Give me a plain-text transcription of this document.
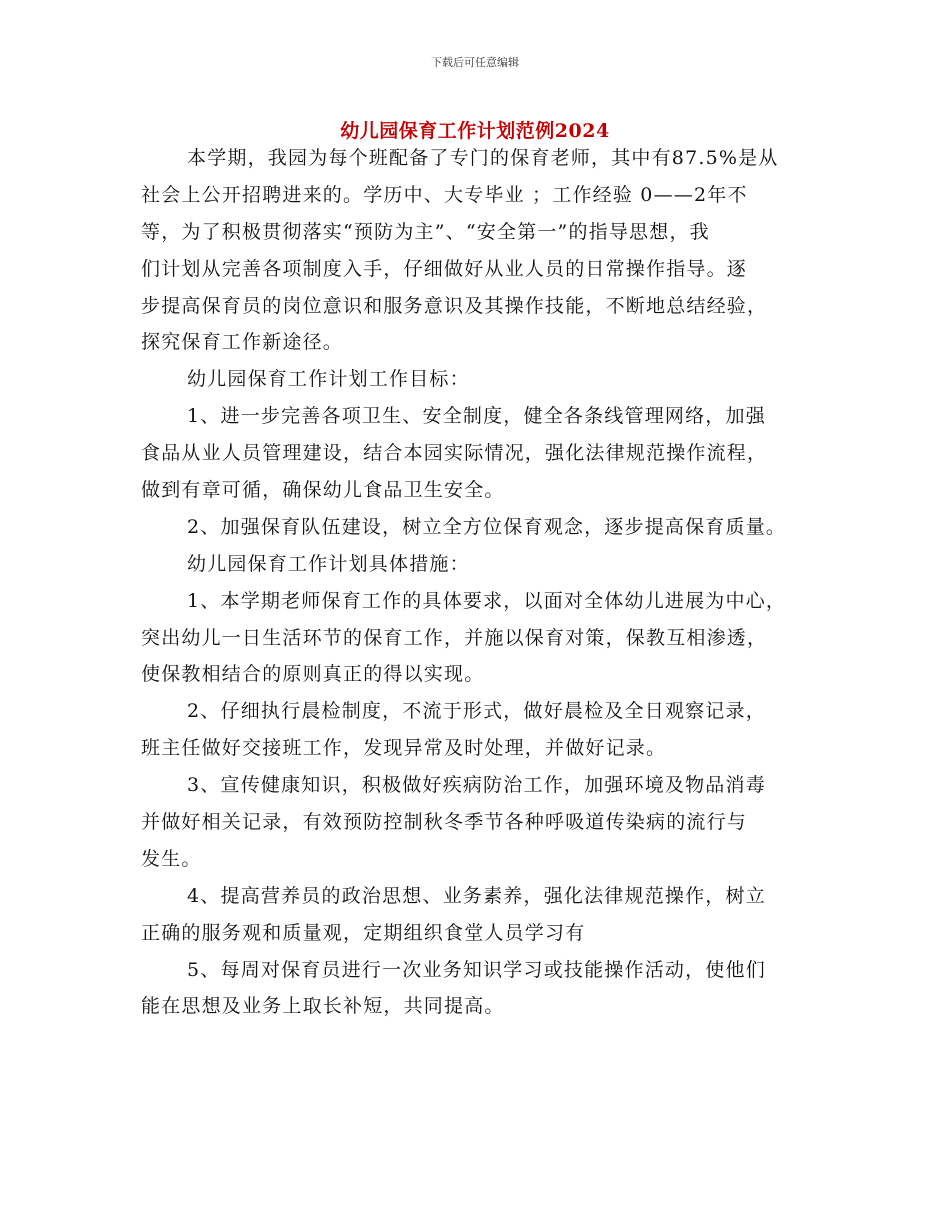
下载后可任意编辑
幼儿园保育工作计划范例2024
本学期，我园为每个班配备了专门的保育老师，其中有87.5%是从
社会上公开招聘进来的。学历中、大专毕业 ；工作经验 0——2年不
等，为了积极贯彻落实“预防为主”、“安全第一”的指导思想，我
们计划从完善各项制度入手，仔细做好从业人员的日常操作指导。逐
步提高保育员的岗位意识和服务意识及其操作技能，不断地总结经验，
探究保育工作新途径。
幼儿园保育工作计划工作目标：
1、进一步完善各项卫生、安全制度，健全各条线管理网络，加强
食品从业人员管理建设，结合本园实际情况，强化法律规范操作流程，
做到有章可循，确保幼儿食品卫生安全。
2、加强保育队伍建设，树立全方位保育观念，逐步提高保育质量。
幼儿园保育工作计划具体措施：
1、本学期老师保育工作的具体要求，以面对全体幼儿进展为中心，
突出幼儿一日生活环节的保育工作，并施以保育对策，保教互相渗透，
使保教相结合的原则真正的得以实现。
2、仔细执行晨检制度，不流于形式，做好晨检及全日观察记录，
班主任做好交接班工作，发现异常及时处理，并做好记录。
3、宣传健康知识，积极做好疾病防治工作，加强环境及物品消毒
并做好相关记录，有效预防控制秋冬季节各种呼吸道传染病的流行与
发生。
4、提高营养员的政治思想、业务素养，强化法律规范操作，树立
正确的服务观和质量观，定期组织食堂人员学习有
5、每周对保育员进行一次业务知识学习或技能操作活动，使他们
能在思想及业务上取长补短，共同提高。
